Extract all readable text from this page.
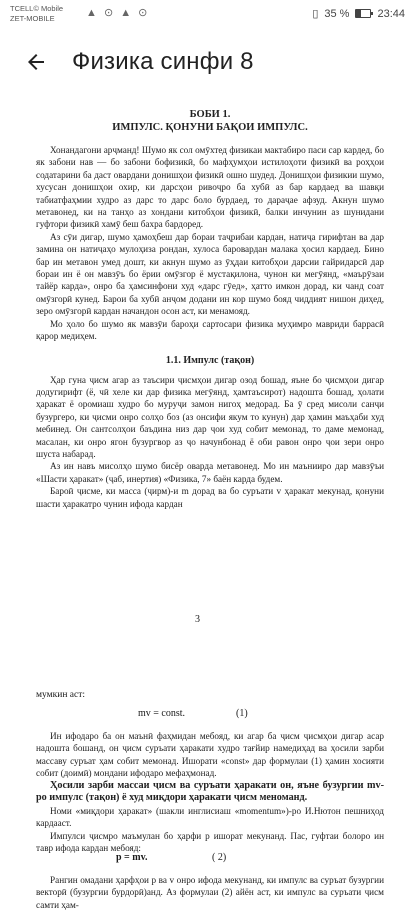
TCELL© Mobile
ZET-MOBILE	▲ ⊙ ▲ ⊙	▯ 35 %	23:44
Физика синфи 8
БОБИ 1.
ИМПУЛС. ҚОНУНИ БАҚОИ ИМПУЛС.

Хонандагони арҷманд! Шумо як сол омӯхтед физикаи мактабиро паси сар кардед, бо як забони нав — бо забони бофизикӣ, бо мафҳумҳои истилоҳоти физикӣ ва роҳҳои содатарини ба даст овардани донишҳои физикӣ ошно шудед. Донишҳои физикии шумо, хусусан донишҳои охир, ки дарсҳои ривоҷро ба хубӣ аз бар кардаед ва шавқи табиатфаҳмии худро аз дарс то дарс боло бурдаед, то дараҷае афзуд. Акнун шумо метавонед, ки на танҳо аз хондани китобҳои физикӣ, балки инчунин аз шунидани гуфтори физикӣ хамӯ беш бахра бардоред.

Аз сӯи дигар, шумо ҳамоҳбеш дар бораи таҷрибаи кардан, натиҷа гирифтан ва дар замина он натиҷаҳо мулоҳиза рондан, хулоса баровардан малака ҳосил кардаед. Бино бар ин метавон умед дошт, ки акнун шумо аз ӯҳдаи китобҳои дарсии гайридарсӣ дар бораи ин ё он мавзӯъ бо ёрии омӯзгор ё мустақилона, чунон ки мегӯянд, «маърӯзаи тайёр карда», онро ба ҳамсинфони худ «дарс гӯед», ҳатто имкон дорад, ки чанд соат омӯзгорӣ кунед. Барои ба хубӣ анҷом додани ин кор шумо бояд чиддият нишон диҳед, зеро омӯзгорӣ кардан начандон осон аст, ки менамояд.

Мо ҳоло бо шумо як мавзӯи бароҳи сартосари физика муҳимро мавриди баррасӣ қарор медиҳем.

1.1. Импулс (тақон)

Ҳар гуна ҷисм агар аз таъсири ҷисмҳои дигар озод бошад, яъне бо ҷисмҳои дигар додугирифт (ё, чӣ хеле ки дар физика мегӯянд, ҳамтаъсирот) надошта бошад, ҳолати ҳаракат ё оромиаш худро бо муруҷи замон нигоҳ медорад. Ба ӯ сред мисоли санҷи бузургеро, ки ҷисми онро солҳо боз (аз онсифи якум то кунун) дар ҳамин маъҳаби худ мебинед. Он сантсолҳои баъдина низ дар ҷои худ собит мемонад, то даме мемонад, масалан, ки онро ягон бузургвор аз ҷо начунбонад ё оби равон онро ҷои зери онро шуста набарад.

Аз ин навъ мисолҳо шумо бисёр оварда метавонед. Мо ин маънииро дар мавзӯъи «Шасти ҳаракат» (ҷаб, инертия) «Физика, 7» баён карда будем.

Бароӣ ҷисме, ки масса (ҷирм)-и m дорад ва бо суръати v ҳаракат мекунад, қонуни шасти ҳаракатро чунин ифода кардан

3
мумкин аст:
mv = const.	(1)

Ин ифодаро ба он маънӣ фаҳмидан мебояд, ки агар ба ҷисм ҷисмҳои дигар асар надошта бошанд, он ҷисм суръати ҳаракати худро тағйир намедиҳад ва ҳосили зарби массаву суръат ҳам собит мемонад. Ишорати «const» дар формулаи (1) ҳамин хосияти собит (доимӣ) мондани ифодаро мефаҳмонад.

Ҳосили зарби массаи ҷисм ва суръати ҳаракати он, яъне бузургии mv-ро импулс (тақон) ё худ миқдори ҳаракати ҷисм меноманд.

Номи «миқдори ҳаракат» (шакли инглисиаш «momentum»)-ро И.Нютон пешниҳод кардааст.

Импулси ҷисмро маъмулан бо ҳарфи р ишорат мекунанд. Пас, гуфтаи болоро ин тавр ифода кардан мебояд:

p = mv.	( 2)

Рангин омадани ҳарфҳои р ва v онро ифода мекунанд, ки импулс ва суръат бузургии векторӣ (бузургии бурдорӣ)анд. Аз формулаи (2) айён аст, ки импулс ва суръати ҷисм самти ҳам-
